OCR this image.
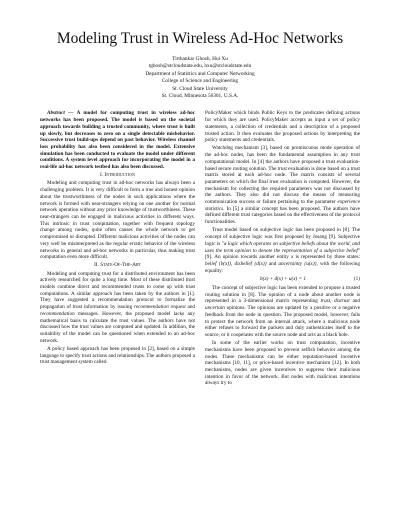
Modeling Trust in Wireless Ad-Hoc Networks
Tirthankar Ghosh, Hui Xu
tghosh@stcloudstate.edu, hxu@stcloudstate.edu
Department of Statistics and Computer Networking
College of Science and Engineering
St. Cloud State University
St. Cloud, Minnesota 56301, U.S.A.

Abstract — A model for computing trust in wireless ad-hoc networks has been proposed. The model is based on the societal approach towards building a trusted community, where trust is built up slowly, but decreases to zero on a single detectable misbehavior. Successive trust build-ups depend on past behavior. Wireless channel loss probability has also been considered in the model. Extensive simulation has been conducted to evaluate the model under different conditions. A system level approach for incorporating the model in a real-life ad-hoc network testbed has also been discussed.

I. Introduction

Modeling and computing trust in ad-hoc networks has always been a challenging problem. It is very difficult to form a true and honest opinion about the trustworthiness of the nodes in such applications where the network is formed with near-strangers relying on one another for normal network operation without any prior knowledge of trustworthiness. These near-strangers can be engaged in malicious activities in different ways. This intrinsic in trust computation, together with frequent topology change among nodes, quite often causes the whole network to get compromised or disrupted. Different malicious activities of the nodes can very well be misinterpreted as the regular erratic behavior of the wireless networks in general and ad-hoc networks in particular, thus making trust computation even more difficult.

II. State-Of-The-Art

Modeling and computing trust for a distributed environment has been actively researched for quite a long time. Most of these distributed trust models combine direct and recommended trusts to come up with trust computations. A similar approach has been taken by the authors in [1]. They have suggested a recommendation protocol to formalize the propagation of trust information by issuing recommendation request and recommendation messages. However, the proposed model lacks any mathematical basis to calculate the trust values. The authors have not discussed how the trust values are computed and updated. In addition, the suitability of the model can be questioned when extended to an ad-hoc network.

A policy based approach has been proposed in [2], based on a simple language to specify trust actions and relationships. The authors proposed a trust management system called

PolicyMaker which binds Public Keys to the predicates defining actions for which they are used. PolicyMaker accepts as input a set of policy statements, a collection of credentials and a description of a proposed trusted action. It then evaluates the proposed actions by interpreting the policy statements and credentials.

Watchdog mechanism [3], based on promiscuous mode operation of the ad-hoc nodes, has been the fundamental assumption in any trust computational model. In [4] the authors have proposed a trust evaluation-based secure routing solution. The trust evaluation is done based on a trust matrix stored at each ad-hoc node. The matrix consists of several parameters on which the final trust evaluation is computed. However, the mechanism for collecting the required parameters was not discussed by the authors. They also did not discuss the means of measuring communication success or failure pertaining to the parameter experience statistics. In [5] a similar concept has been proposed. The authors have defined different trust categories based on the effectiveness of the protocol functionalities.

Trust model based on subjective logic has been proposed in [8]. The concept of subjective logic was first proposed by Josang [9]. Subjective logic is "a logic which operates on subjective beliefs about the world, and uses the term opinion to denote the representation of a subjective belief" [9]. An opinion towards another entity x is represented by three states: belief {b(x)}, disbelief {d(x)} and uncertainty {u(x)}, with the following equality:

b(x) + d(x) + u(x) = 1	(1)

The concept of subjective logic has been extended to propose a trusted routing solution in [8]. The opinion of a node about another node is represented in a 3-dimensional matrix representing trust, distrust and uncertain opinions. The opinions are updated by a positive or a negative feedback from the node in question. The proposed model, however, fails to protect the network from an internal attack, where a malicious node either refuses to forward the packets and duly authenticates itself to the source, or it cooperates with the source node and acts as a black hole.

In some of the earlier works on trust computation, incentive mechanisms have been proposed to prevent selfish behavior among the nodes. These mechanisms can be either reputation-based incentive mechanisms [10, 11], or price-based incentive mechanism [12]. In both mechanisms, nodes are given incentives to suppress their malicious intention in favor of the network. But nodes with malicious intentions always try to
